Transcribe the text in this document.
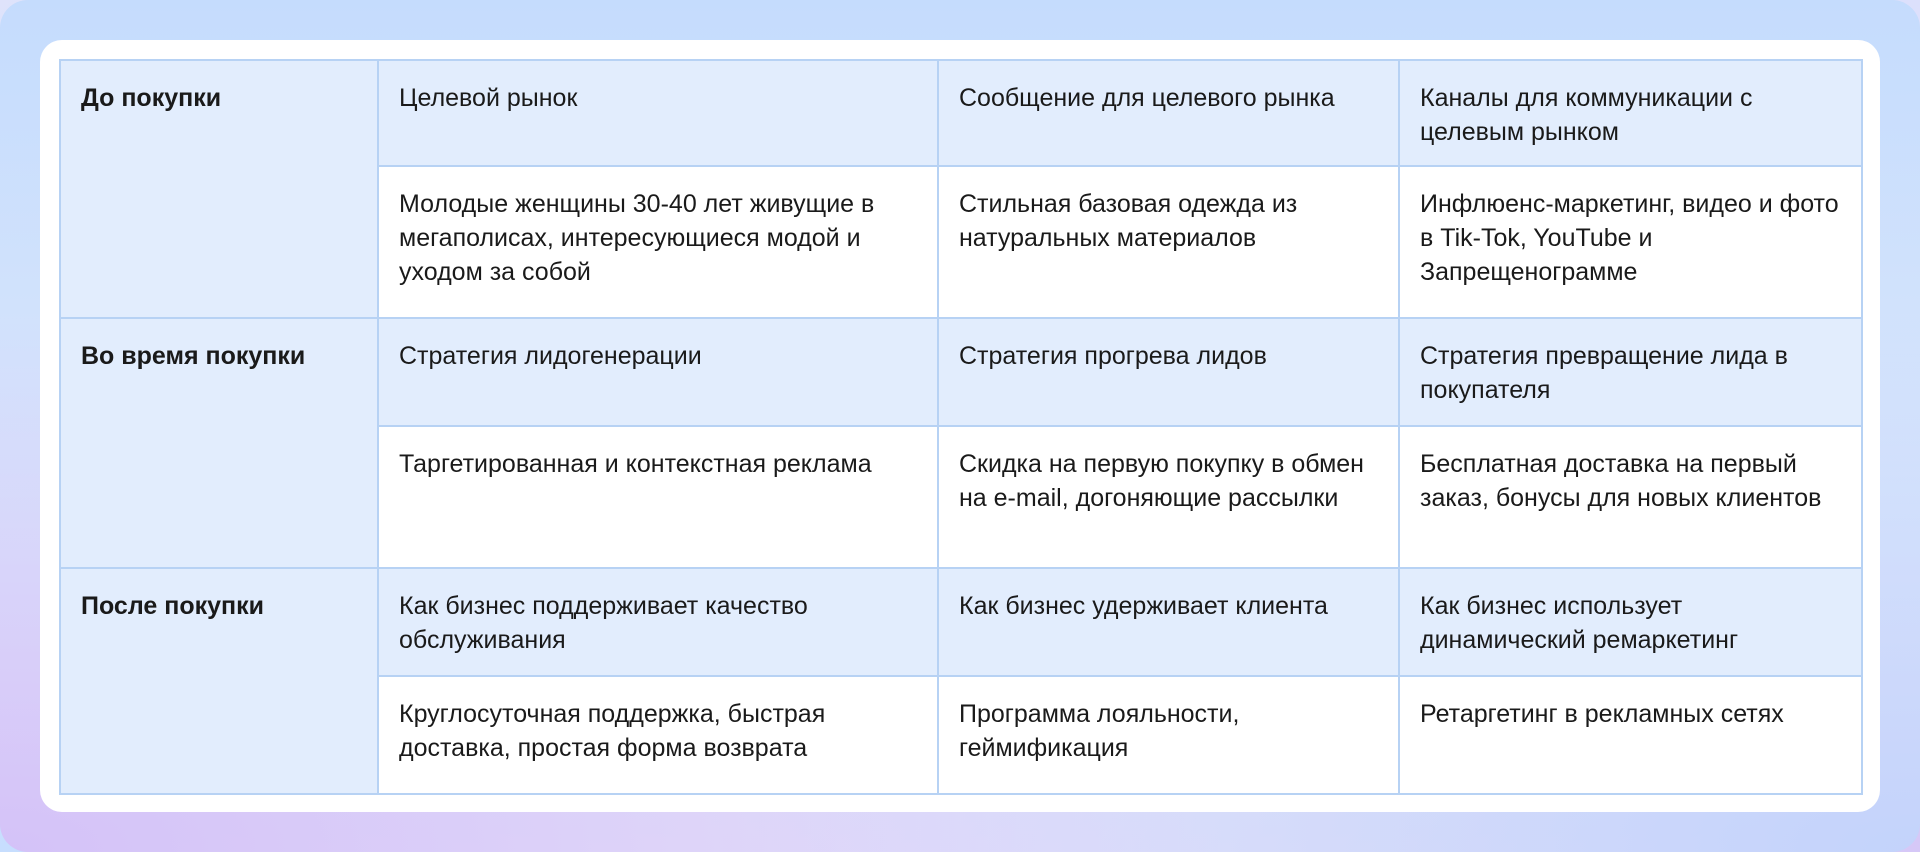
До покупки	Целевой рынок	Сообщение для целевого рынка	Каналы для коммуникации с целевым рынком
	Молодые женщины 30-40 лет живущие в мегаполисах, интересующиеся модой и уходом за собой	Стильная базовая одежда из натуральных материалов	Инфлюенс-маркетинг, видео и фото в Tik-Tok, YouTube и Запрещенограмме
Во время покупки	Стратегия лидогенерации	Стратегия прогрева лидов	Стратегия превращение лида в покупателя
	Таргетированная и контекстная реклама	Скидка на первую покупку в обмен на e-mail, догоняющие рассылки	Бесплатная доставка на первый заказ, бонусы для новых клиентов
После покупки	Как бизнес поддерживает качество обслуживания	Как бизнес удерживает клиента	Как бизнес использует динамический ремаркетинг
	Круглосуточная поддержка, быстрая доставка, простая форма возврата	Программа лояльности, геймификация	Ретаргетинг в рекламных сетях
